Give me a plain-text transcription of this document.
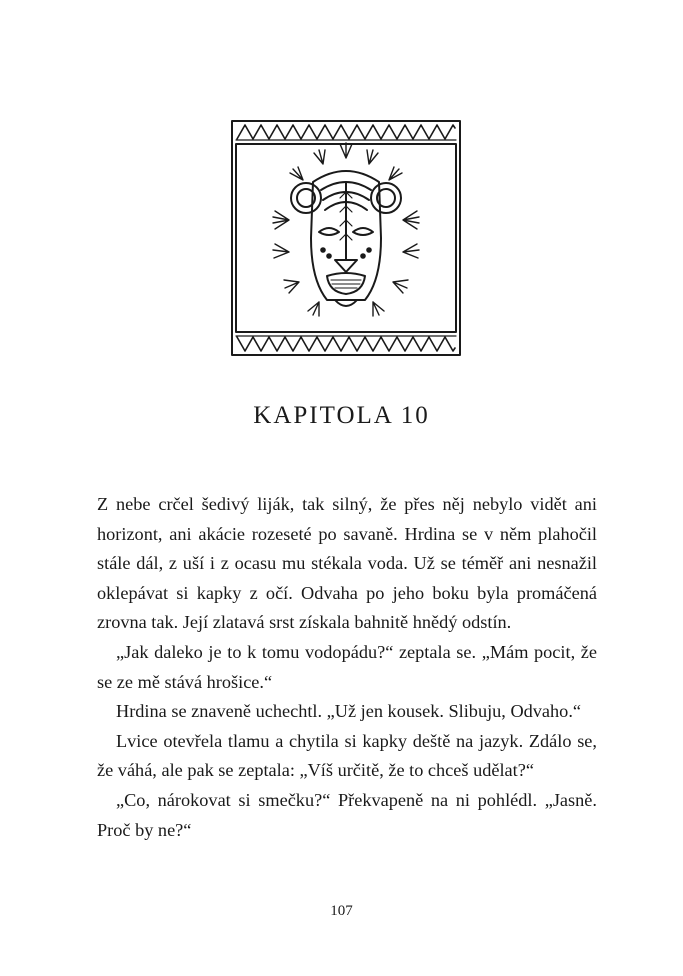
KAPITOLA 10

Z nebe crčel šedivý liják, tak silný, že přes něj nebylo vidět ani horizont, ani akácie rozeseté po savaně. Hrdina se v něm plahočil stále dál, z uší i z ocasu mu stékala voda. Už se téměř ani nesnažil oklepávat si kapky z očí. Odvaha po jeho boku byla promáčená zrovna tak. Její zlatavá srst získala bahnitě hnědý odstín.

„Jak daleko je to k tomu vodopádu?“ zeptala se. „Mám pocit, že se ze mě stává hrošice.“

Hrdina se znaveně uchechtl. „Už jen kousek. Slibuju, Odvaho.“

Lvice otevřela tlamu a chytila si kapky deště na jazyk. Zdálo se, že váhá, ale pak se zeptala: „Víš určitě, že to chceš udělat?“

„Co, nárokovat si smečku?“ Překvapeně na ni pohlédl. „Jasně. Proč by ne?“

107
